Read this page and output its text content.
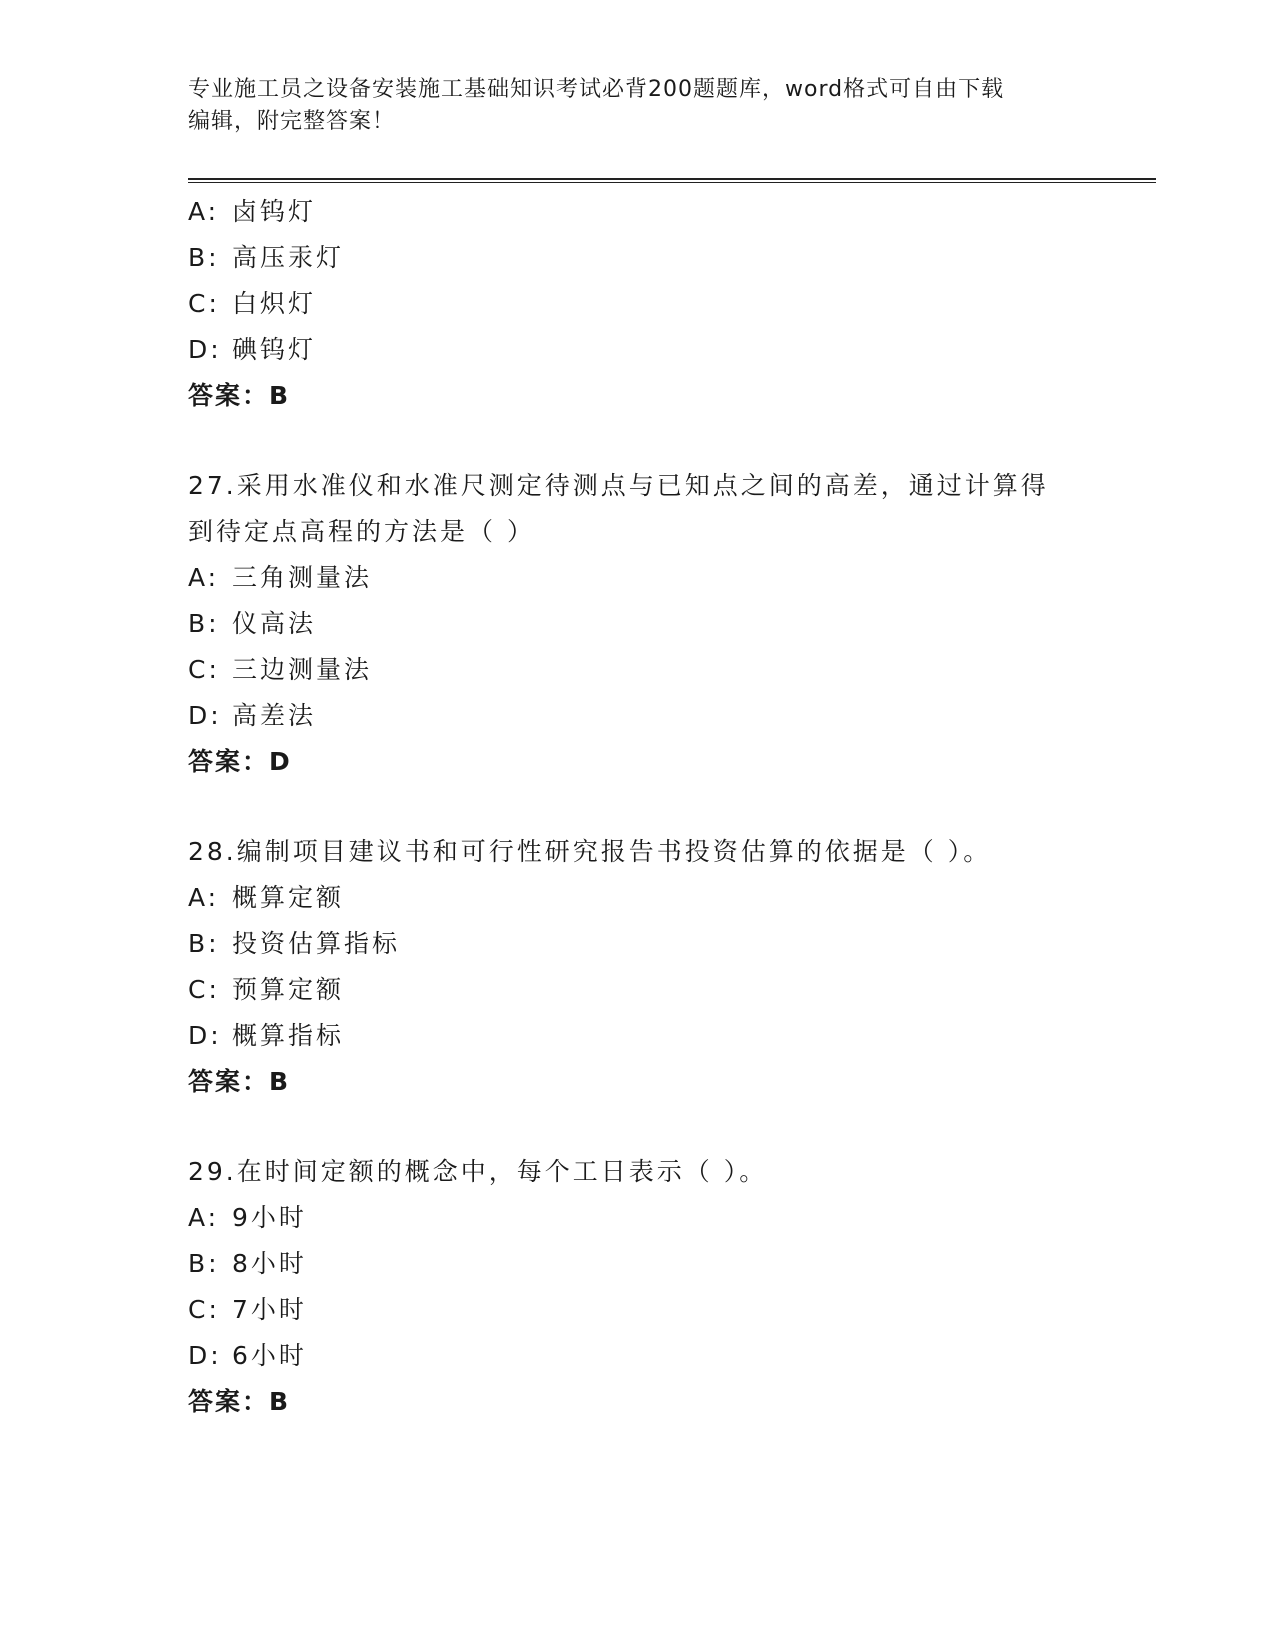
专业施工员之设备安装施工基础知识考试必背200题题库，word格式可自由下载
编辑，附完整答案！
A: 卤钨灯
B: 高压汞灯
C: 白炽灯
D: 碘钨灯
答案：B
27.采用水准仪和水准尺测定待测点与已知点之间的高差，通过计算得
到待定点高程的方法是（ ）
A: 三角测量法
B: 仪高法
C: 三边测量法
D: 高差法
答案：D
28.编制项目建议书和可行性研究报告书投资估算的依据是（ ）。
A: 概算定额
B: 投资估算指标
C: 预算定额
D: 概算指标
答案：B
29.在时间定额的概念中，每个工日表示（ ）。
A: 9小时
B: 8小时
C: 7小时
D: 6小时
答案：B
